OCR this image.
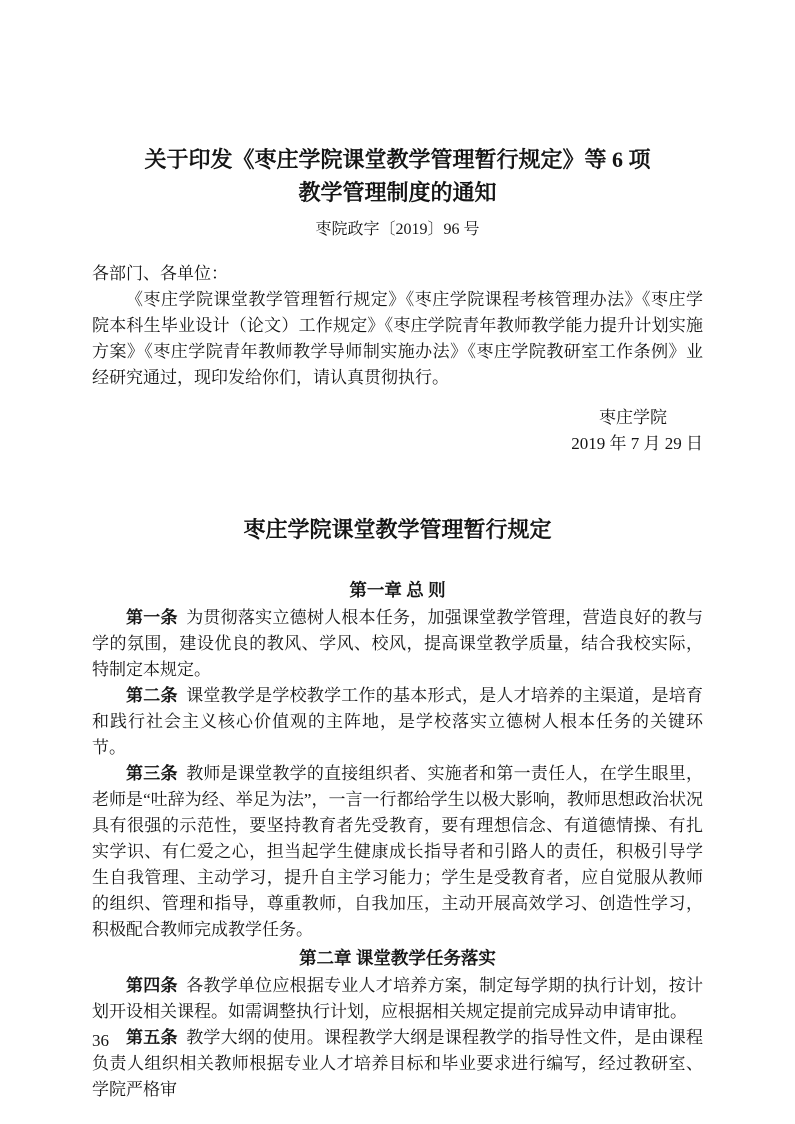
关于印发《枣庄学院课堂教学管理暂行规定》等 6 项
教学管理制度的通知
枣院政字〔2019〕96 号

各部门、各单位：

《枣庄学院课堂教学管理暂行规定》《枣庄学院课程考核管理办法》《枣庄学院本科生毕业设计（论文）工作规定》《枣庄学院青年教师教学能力提升计划实施方案》《枣庄学院青年教师教学导师制实施办法》《枣庄学院教研室工作条例》业经研究通过，现印发给你们，请认真贯彻执行。

枣庄学院
2019 年 7 月 29 日
枣庄学院课堂教学管理暂行规定
第一章 总 则

第一条 为贯彻落实立德树人根本任务，加强课堂教学管理，营造良好的教与学的氛围，建设优良的教风、学风、校风，提高课堂教学质量，结合我校实际，特制定本规定。

第二条 课堂教学是学校教学工作的基本形式，是人才培养的主渠道，是培育和践行社会主义核心价值观的主阵地，是学校落实立德树人根本任务的关键环节。

第三条 教师是课堂教学的直接组织者、实施者和第一责任人，在学生眼里，老师是“吐辞为经、举足为法”，一言一行都给学生以极大影响，教师思想政治状况具有很强的示范性，要坚持教育者先受教育，要有理想信念、有道德情操、有扎实学识、有仁爱之心，担当起学生健康成长指导者和引路人的责任，积极引导学生自我管理、主动学习，提升自主学习能力；学生是受教育者，应自觉服从教师的组织、管理和指导，尊重教师，自我加压，主动开展高效学习、创造性学习，积极配合教师完成教学任务。

第二章 课堂教学任务落实

第四条 各教学单位应根据专业人才培养方案，制定每学期的执行计划，按计划开设相关课程。如需调整执行计划，应根据相关规定提前完成异动申请审批。

第五条 教学大纲的使用。课程教学大纲是课程教学的指导性文件，是由课程负责人组织相关教师根据专业人才培养目标和毕业要求进行编写，经过教研室、学院严格审

36
